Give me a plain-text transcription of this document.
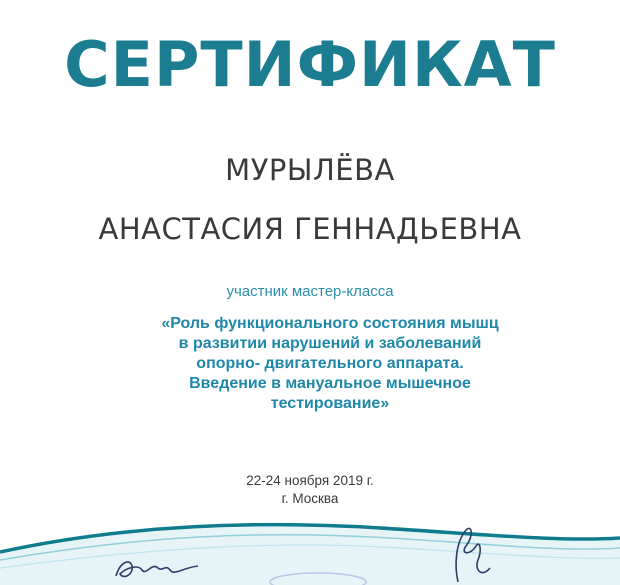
СЕРТИФИКАТ
МУРЫЛЁВА
АНАСТАСИЯ ГЕННАДЬЕВНА
участник мастер-класса
«Роль функционального состояния мышц
в развитии нарушений и заболеваний
опорно- двигательного аппарата.
Введение в мануальное мышечное
тестирование»
22-24 ноября 2019 г.
г. Москва
